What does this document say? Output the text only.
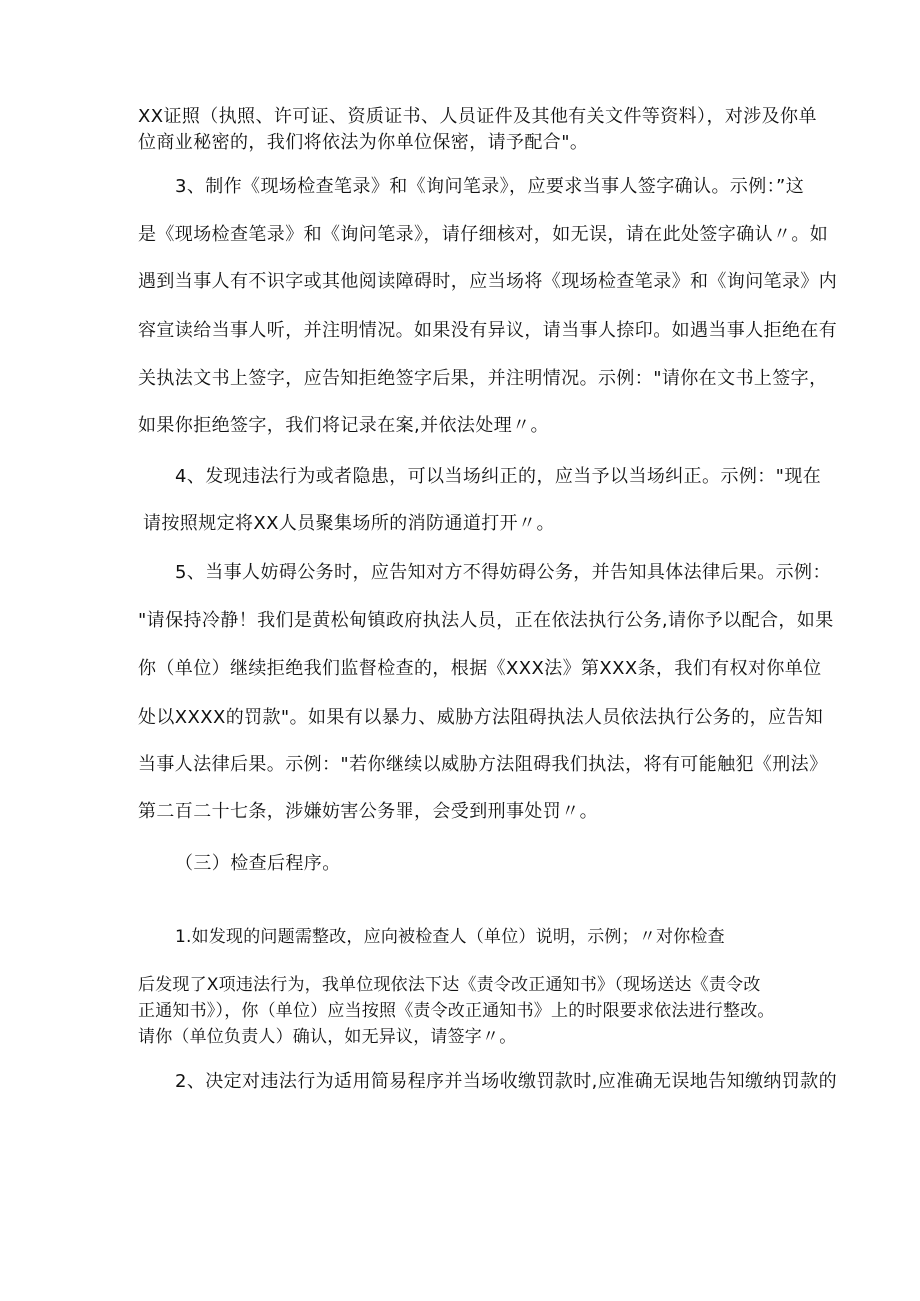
XX证照（执照、许可证、资质证书、人员证件及其他有关文件等资料），对涉及你单
位商业秘密的，我们将依法为你单位保密，请予配合"。
3、制作《现场检查笔录》和《询问笔录》，应要求当事人签字确认。示例：”这
是《现场检查笔录》和《询问笔录》，请仔细核对，如无误，请在此处签字确认〃。如
遇到当事人有不识字或其他阅读障碍时，应当场将《现场检查笔录》和《询问笔录》内
容宣读给当事人听，并注明情况。如果没有异议，请当事人捺印。如遇当事人拒绝在有
关执法文书上签字，应告知拒绝签字后果，并注明情况。示例："请你在文书上签字，
如果你拒绝签字，我们将记录在案,并依法处理〃。
4、发现违法行为或者隐患，可以当场纠正的，应当予以当场纠正。示例："现在
请按照规定将XX人员聚集场所的消防通道打开〃。
5、当事人妨碍公务时，应告知对方不得妨碍公务，并告知具体法律后果。示例：
"请保持冷静！我们是黄松甸镇政府执法人员，正在依法执行公务,请你予以配合，如果
你（单位）继续拒绝我们监督检查的，根据《XXX法》第XXX条，我们有权对你单位
处以XXXX的罚款"。如果有以暴力、威胁方法阻碍执法人员依法执行公务的，应告知
当事人法律后果。示例："若你继续以威胁方法阻碍我们执法，将有可能触犯《刑法》
第二百二十七条，涉嫌妨害公务罪，会受到刑事处罚〃。
（三）检查后程序。
1.如发现的问题需整改，应向被检查人（单位）说明，示例；〃对你检查
后发现了X项违法行为，我单位现依法下达《责令改正通知书》（现场送达《责令改
正通知书》），你（单位）应当按照《责令改正通知书》上的时限要求依法进行整改。
请你（单位负责人）确认，如无异议，请签字〃。
2、决定对违法行为适用简易程序并当场收缴罚款时,应准确无误地告知缴纳罚款的
